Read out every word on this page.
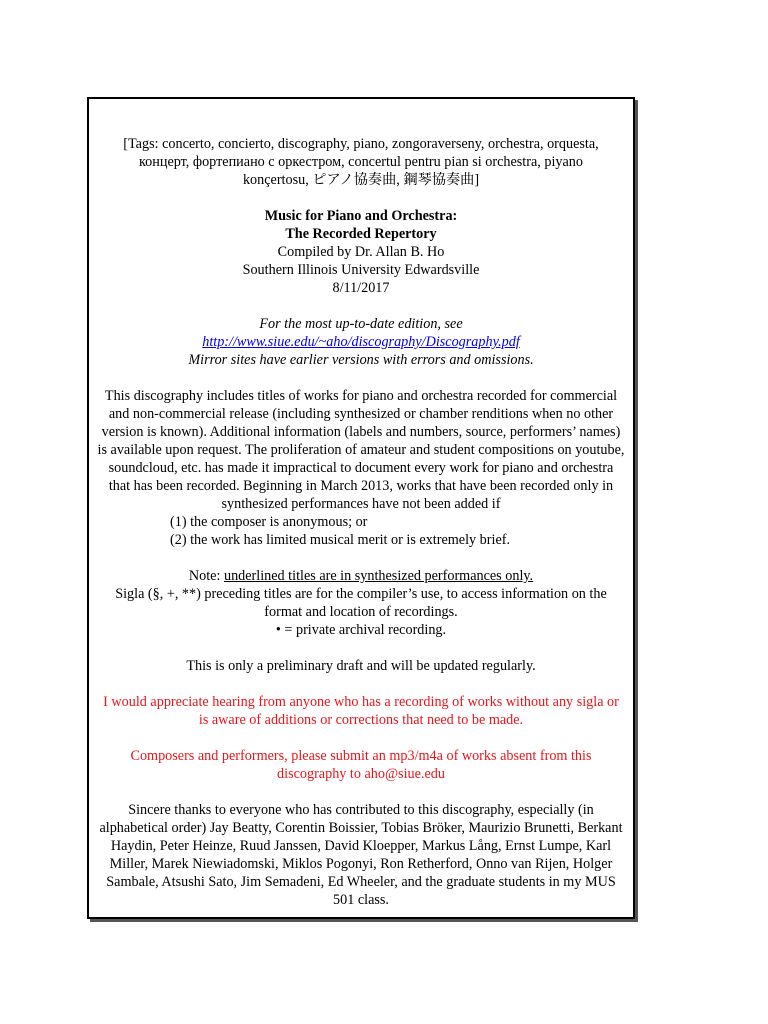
[Tags: concerto, concierto, discography, piano, zongoraverseny, orchestra, orquesta,

концерт, фортепиано с оркестром, concertul pentru pian si orchestra, piyano

konçertosu, ピアノ協奏曲, 鋼琴協奏曲]

Music for Piano and Orchestra:

The Recorded Repertory

Compiled by Dr. Allan B. Ho

Southern Illinois University Edwardsville

8/11/2017

For the most up-to-date edition, see

http://www.siue.edu/~aho/discography/Discography.pdf

Mirror sites have earlier versions with errors and omissions.

This discography includes titles of works for piano and orchestra recorded for commercial and non-commercial release (including synthesized or chamber renditions when no other version is known). Additional information (labels and numbers, source, performers’ names) is available upon request. The proliferation of amateur and student compositions on youtube, soundcloud, etc. has made it impractical to document every work for piano and orchestra that has been recorded. Beginning in March 2013, works that have been recorded only in synthesized performances have not been added if

(1) the composer is anonymous; or

(2) the work has limited musical merit or is extremely brief.

Note: underlined titles are in synthesized performances only.

Sigla (§, +, **) preceding titles are for the compiler’s use, to access information on the format and location of recordings.

• = private archival recording.

This is only a preliminary draft and will be updated regularly.

I would appreciate hearing from anyone who has a recording of works without any sigla or is aware of additions or corrections that need to be made.

Composers and performers, please submit an mp3/m4a of works absent from this discography to aho@siue.edu

Sincere thanks to everyone who has contributed to this discography, especially (in alphabetical order) Jay Beatty, Corentin Boissier, Tobias Bröker, Maurizio Brunetti, Berkant Haydin, Peter Heinze, Ruud Janssen, David Kloepper, Markus Lång, Ernst Lumpe, Karl Miller, Marek Niewiadomski, Miklos Pogonyi, Ron Retherford, Onno van Rijen, Holger Sambale, Atsushi Sato, Jim Semadeni, Ed Wheeler, and the graduate students in my MUS 501 class.
